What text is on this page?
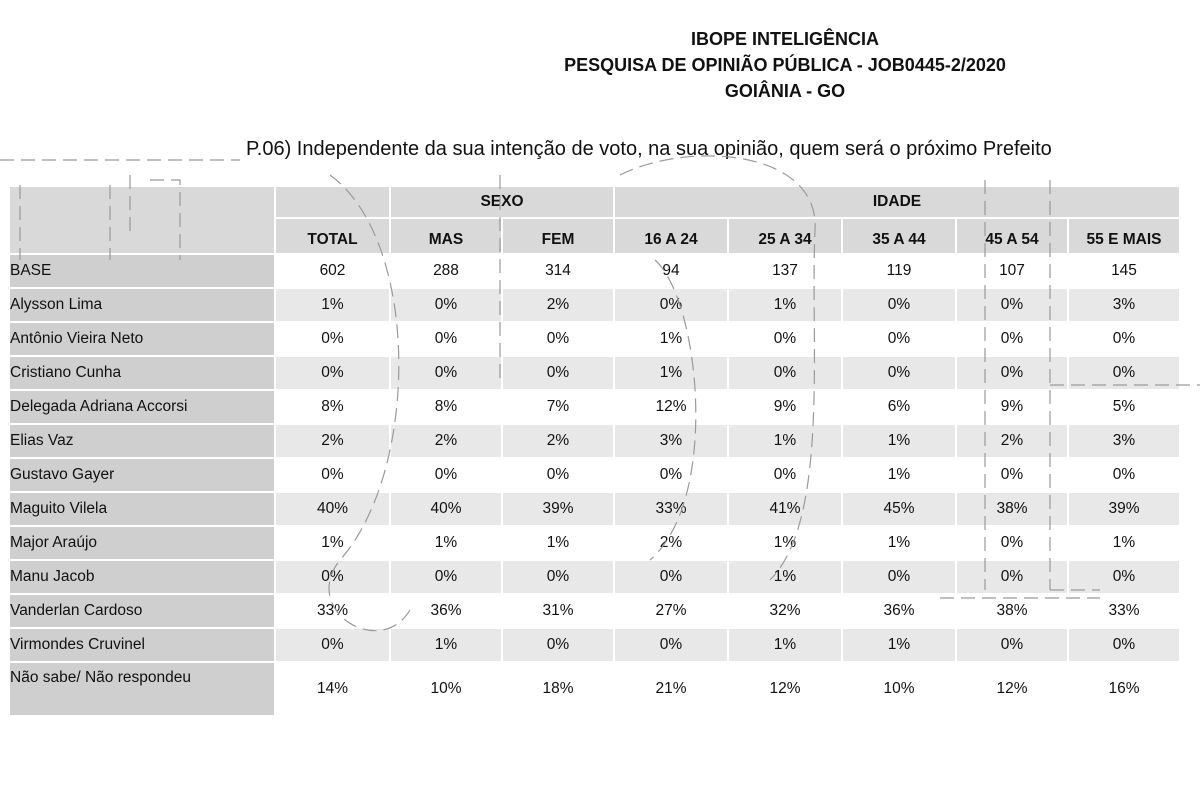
IBOPE INTELIGÊNCIA
PESQUISA DE OPINIÃO PÚBLICA - JOB0445-2/2020
GOIÂNIA - GO
P.06) Independente da sua intenção de voto, na sua opinião, quem será o próximo Prefeito
		SEXO		IDADE				
	TOTAL	MAS	FEM	16 A 24	25 A 34	35 A 44	45 A 54	55 E MAIS
BASE	602	288	314	94	137	119	107	145
Alysson Lima	1%	0%	2%	0%	1%	0%	0%	3%
Antônio Vieira Neto	0%	0%	0%	1%	0%	0%	0%	0%
Cristiano Cunha	0%	0%	0%	1%	0%	0%	0%	0%
Delegada Adriana Accorsi	8%	8%	7%	12%	9%	6%	9%	5%
Elias Vaz	2%	2%	2%	3%	1%	1%	2%	3%
Gustavo Gayer	0%	0%	0%	0%	0%	1%	0%	0%
Maguito Vilela	40%	40%	39%	33%	41%	45%	38%	39%
Major Araújo	1%	1%	1%	2%	1%	1%	0%	1%
Manu Jacob	0%	0%	0%	0%	1%	0%	0%	0%
Vanderlan Cardoso	33%	36%	31%	27%	32%	36%	38%	33%
Virmondes Cruvinel	0%	1%	0%	0%	1%	1%	0%	0%
Não sabe/ Não respondeu	14%	10%	18%	21%	12%	10%	12%	16%
